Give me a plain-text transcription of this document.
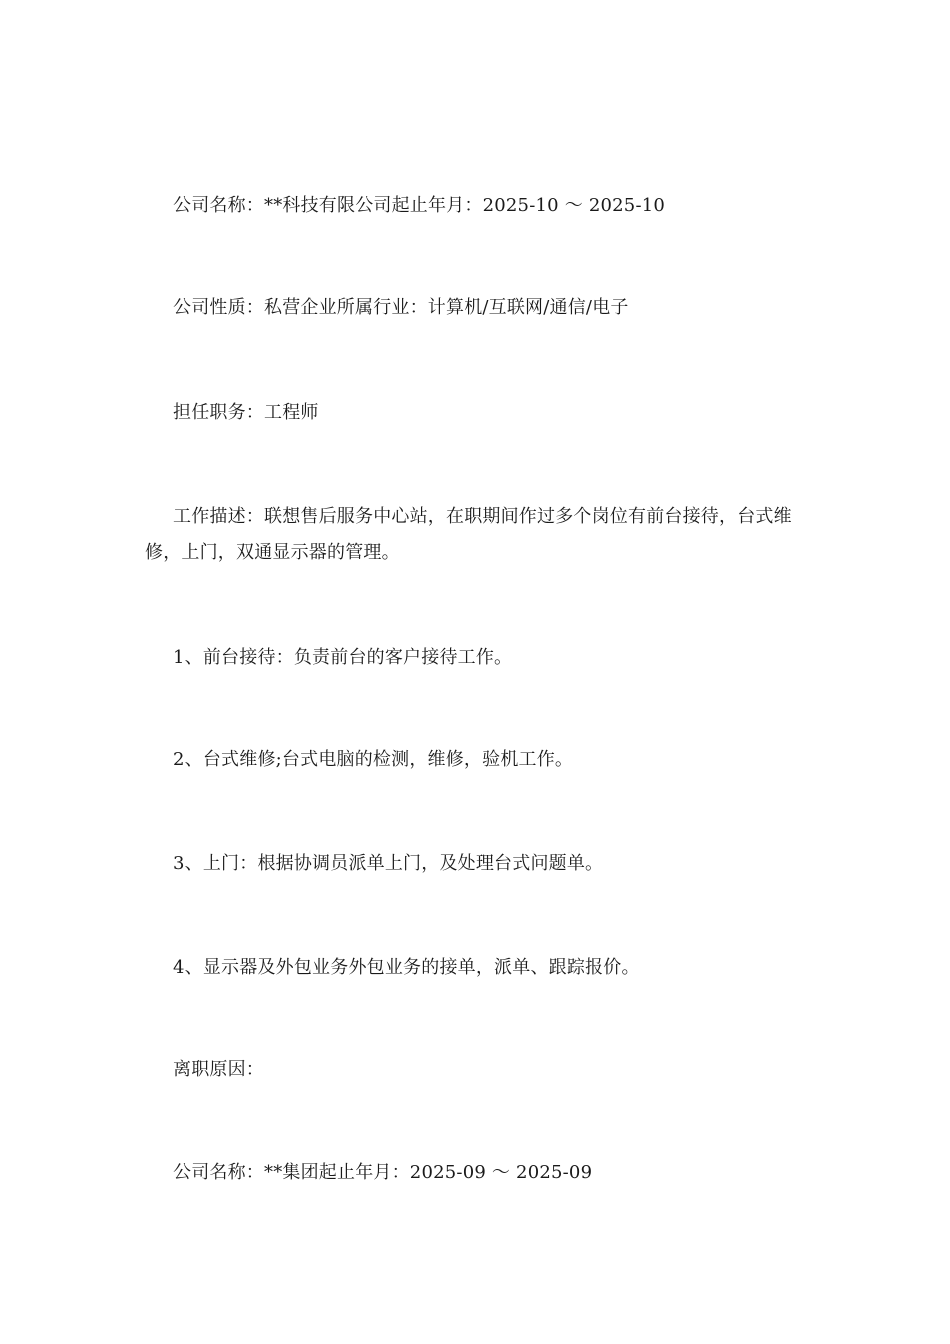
公司名称：**科技有限公司起止年月：2025-10 ～ 2025-10

公司性质：私营企业所属行业：计算机/互联网/通信/电子

担任职务：工程师

工作描述：联想售后服务中心站，在职期间作过多个岗位有前台接待，台式维修，上门，双通显示器的管理。

1、前台接待：负责前台的客户接待工作。

2、台式维修;台式电脑的检测，维修，验机工作。

3、上门：根据协调员派单上门，及处理台式问题单。

4、显示器及外包业务外包业务的接单，派单、跟踪报价。

离职原因：

公司名称：**集团起止年月：2025-09 ～ 2025-09
